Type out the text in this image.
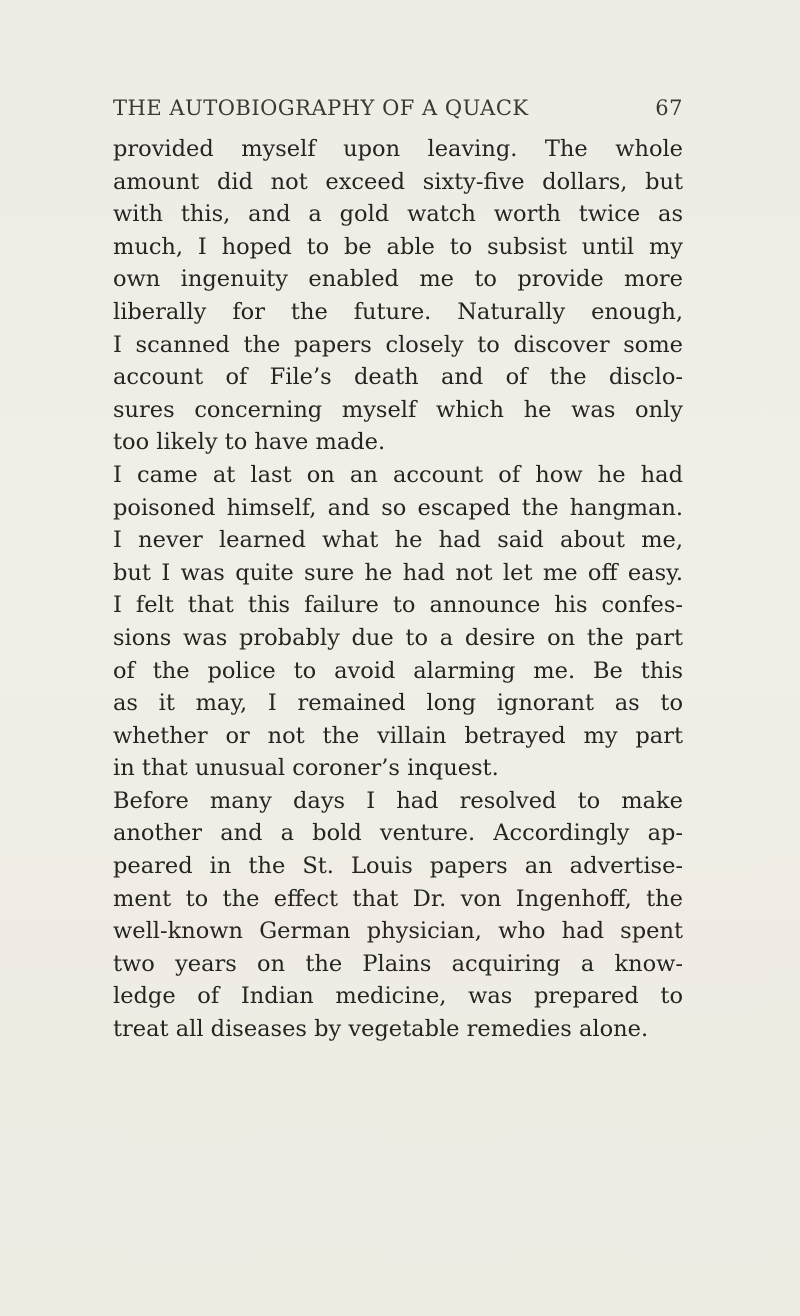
THE AUTOBIOGRAPHY OF A QUACK	67
provided myself upon leaving. The whole
amount did not exceed sixty-five dollars, but
with this, and a gold watch worth twice as
much, I hoped to be able to subsist until my
own ingenuity enabled me to provide more
liberally for the future. Naturally enough,
I scanned the papers closely to discover some
account of File’s death and of the disclo-
sures concerning myself which he was only
too likely to have made.
I came at last on an account of how he had
poisoned himself, and so escaped the hangman.
I never learned what he had said about me,
but I was quite sure he had not let me off easy.
I felt that this failure to announce his confes-
sions was probably due to a desire on the part
of the police to avoid alarming me. Be this
as it may, I remained long ignorant as to
whether or not the villain betrayed my part
in that unusual coroner’s inquest.
Before many days I had resolved to make
another and a bold venture. Accordingly ap-
peared in the St. Louis papers an advertise-
ment to the effect that Dr. von Ingenhoff, the
well-known German physician, who had spent
two years on the Plains acquiring a know-
ledge of Indian medicine, was prepared to
treat all diseases by vegetable remedies alone.
